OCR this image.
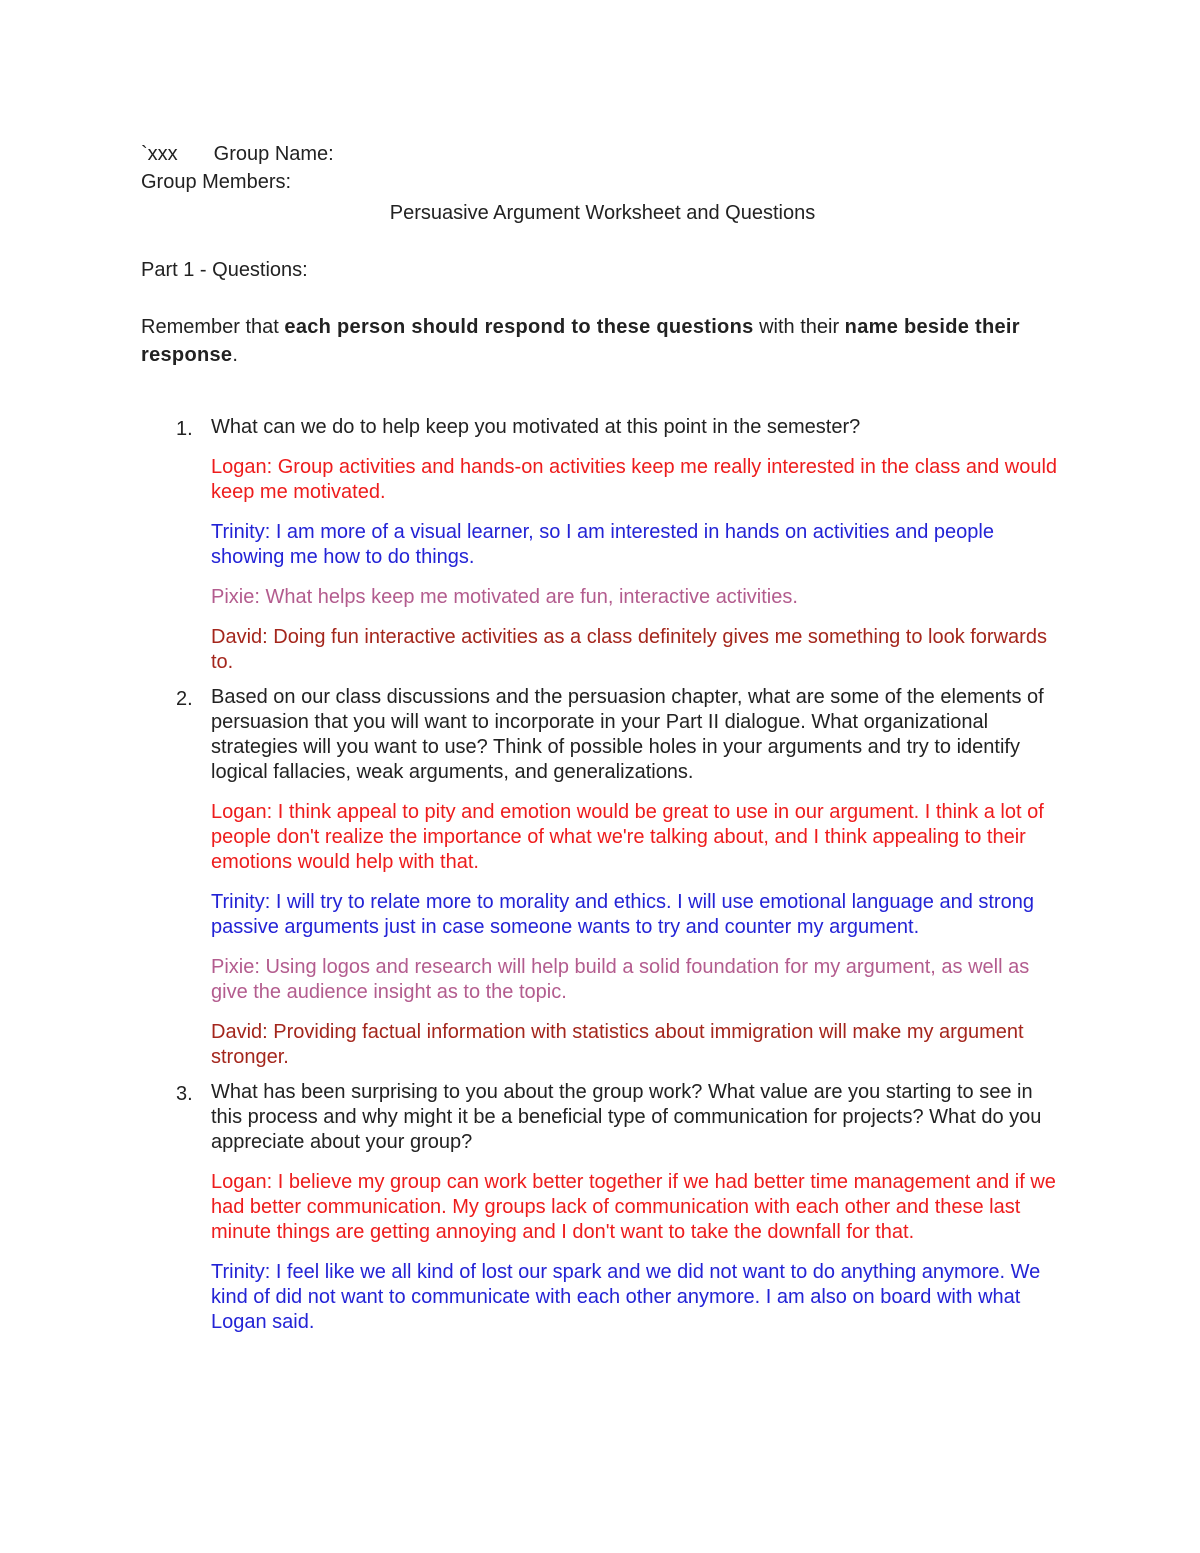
`xxx Group Name:
Group Members:
Persuasive Argument Worksheet and Questions
Part 1 - Questions:
Remember that each person should respond to these questions with their name beside their response.
1. What can we do to help keep you motivated at this point in the semester?
Logan: Group activities and hands-on activities keep me really interested in the class and would keep me motivated.
Trinity: I am more of a visual learner, so I am interested in hands on activities and people showing me how to do things.
Pixie: What helps keep me motivated are fun, interactive activities.
David: Doing fun interactive activities as a class definitely gives me something to look forwards to.
2. Based on our class discussions and the persuasion chapter, what are some of the elements of persuasion that you will want to incorporate in your Part II dialogue. What organizational strategies will you want to use? Think of possible holes in your arguments and try to identify logical fallacies, weak arguments, and generalizations.
Logan: I think appeal to pity and emotion would be great to use in our argument. I think a lot of people don't realize the importance of what we're talking about, and I think appealing to their emotions would help with that.
Trinity: I will try to relate more to morality and ethics. I will use emotional language and strong passive arguments just in case someone wants to try and counter my argument.
Pixie: Using logos and research will help build a solid foundation for my argument, as well as give the audience insight as to the topic.
David: Providing factual information with statistics about immigration will make my argument stronger.
3. What has been surprising to you about the group work? What value are you starting to see in this process and why might it be a beneficial type of communication for projects? What do you appreciate about your group?
Logan: I believe my group can work better together if we had better time management and if we had better communication. My groups lack of communication with each other and these last minute things are getting annoying and I don't want to take the downfall for that.
Trinity: I feel like we all kind of lost our spark and we did not want to do anything anymore. We kind of did not want to communicate with each other anymore. I am also on board with what Logan said.
